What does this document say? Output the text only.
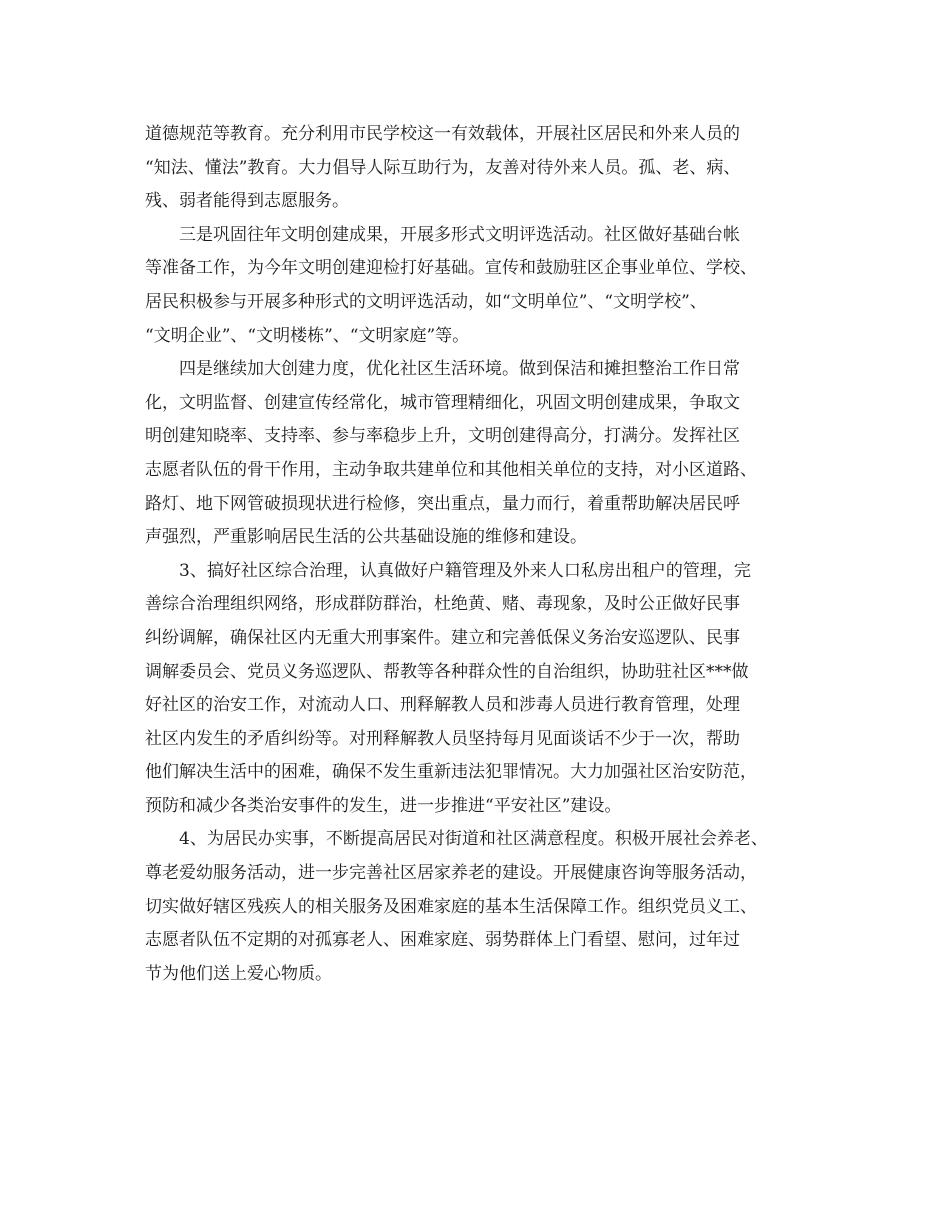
道德规范等教育。充分利用市民学校这一有效载体，开展社区居民和外来人员的
“知法、懂法”教育。大力倡导人际互助行为，友善对待外来人员。孤、老、病、
残、弱者能得到志愿服务。
三是巩固往年文明创建成果，开展多形式文明评选活动。社区做好基础台帐
等准备工作，为今年文明创建迎检打好基础。宣传和鼓励驻区企事业单位、学校、
居民积极参与开展多种形式的文明评选活动，如“文明单位”、“文明学校”、
“文明企业”、“文明楼栋”、“文明家庭”等。
四是继续加大创建力度，优化社区生活环境。做到保洁和摊担整治工作日常
化，文明监督、创建宣传经常化，城市管理精细化，巩固文明创建成果，争取文
明创建知晓率、支持率、参与率稳步上升，文明创建得高分，打满分。发挥社区
志愿者队伍的骨干作用，主动争取共建单位和其他相关单位的支持，对小区道路、
路灯、地下网管破损现状进行检修，突出重点，量力而行，着重帮助解决居民呼
声强烈，严重影响居民生活的公共基础设施的维修和建设。
3、搞好社区综合治理，认真做好户籍管理及外来人口私房出租户的管理，完
善综合治理组织网络，形成群防群治，杜绝黄、赌、毒现象，及时公正做好民事
纠纷调解，确保社区内无重大刑事案件。建立和完善低保义务治安巡逻队、民事
调解委员会、党员义务巡逻队、帮教等各种群众性的自治组织，协助驻社区***做
好社区的治安工作，对流动人口、刑释解教人员和涉毒人员进行教育管理，处理
社区内发生的矛盾纠纷等。对刑释解教人员坚持每月见面谈话不少于一次，帮助
他们解决生活中的困难，确保不发生重新违法犯罪情况。大力加强社区治安防范，
预防和减少各类治安事件的发生，进一步推进“平安社区”建设。
4、为居民办实事，不断提高居民对街道和社区满意程度。积极开展社会养老、
尊老爱幼服务活动，进一步完善社区居家养老的建设。开展健康咨询等服务活动，
切实做好辖区残疾人的相关服务及困难家庭的基本生活保障工作。组织党员义工、
志愿者队伍不定期的对孤寡老人、困难家庭、弱势群体上门看望、慰问，过年过
节为他们送上爱心物质。
